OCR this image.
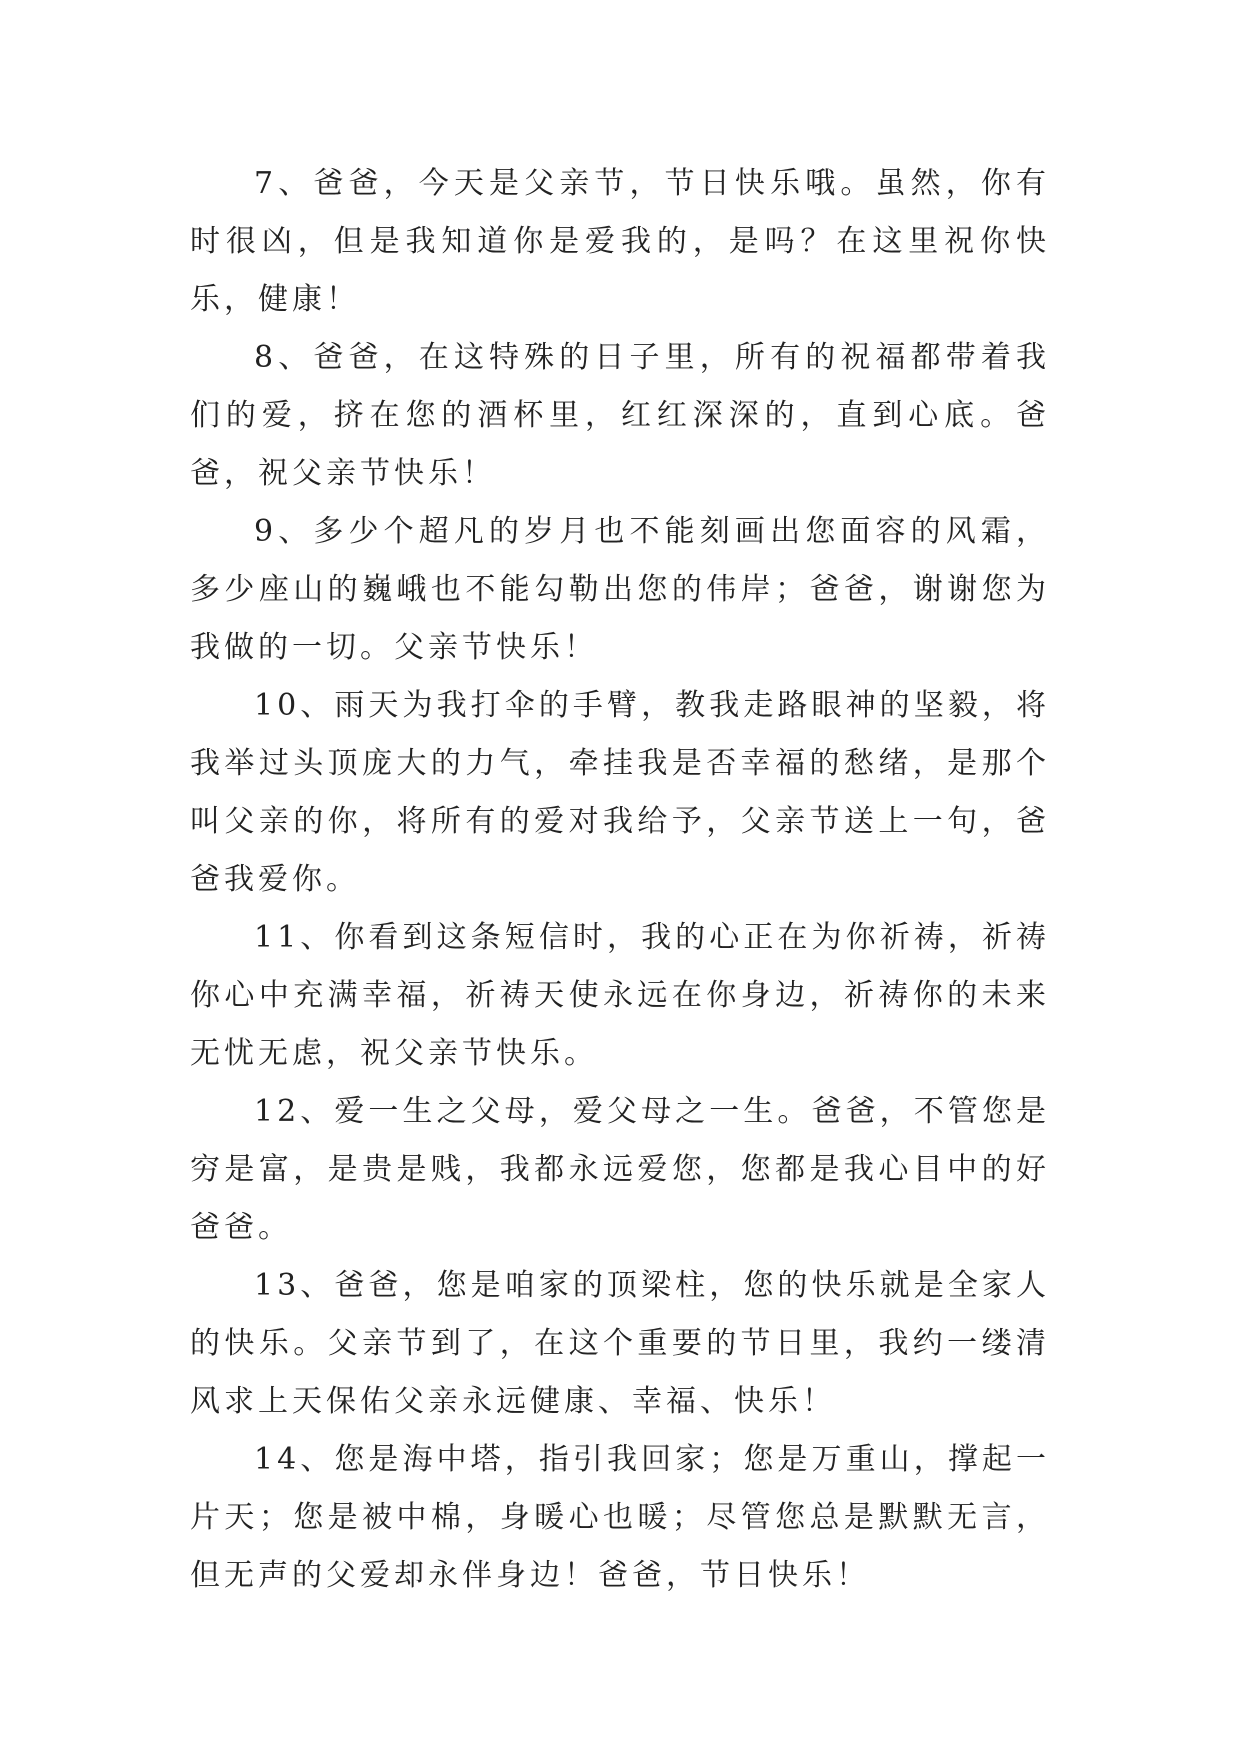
7、爸爸，今天是父亲节，节日快乐哦。虽然，你有时很凶，但是我知道你是爱我的，是吗？在这里祝你快乐，健康！

8、爸爸，在这特殊的日子里，所有的祝福都带着我们的爱，挤在您的酒杯里，红红深深的，直到心底。爸爸，祝父亲节快乐！

9、多少个超凡的岁月也不能刻画出您面容的风霜，多少座山的巍峨也不能勾勒出您的伟岸；爸爸，谢谢您为我做的一切。父亲节快乐！

10、雨天为我打伞的手臂，教我走路眼神的坚毅，将我举过头顶庞大的力气，牵挂我是否幸福的愁绪，是那个叫父亲的你，将所有的爱对我给予，父亲节送上一句，爸爸我爱你。

11、你看到这条短信时，我的心正在为你祈祷，祈祷你心中充满幸福，祈祷天使永远在你身边，祈祷你的未来无忧无虑，祝父亲节快乐。

12、爱一生之父母，爱父母之一生。爸爸，不管您是穷是富，是贵是贱，我都永远爱您，您都是我心目中的好爸爸。

13、爸爸，您是咱家的顶梁柱，您的快乐就是全家人的快乐。父亲节到了，在这个重要的节日里，我约一缕清风求上天保佑父亲永远健康、幸福、快乐！

14、您是海中塔，指引我回家；您是万重山，撑起一片天；您是被中棉，身暖心也暖；尽管您总是默默无言，但无声的父爱却永伴身边！爸爸，节日快乐！
